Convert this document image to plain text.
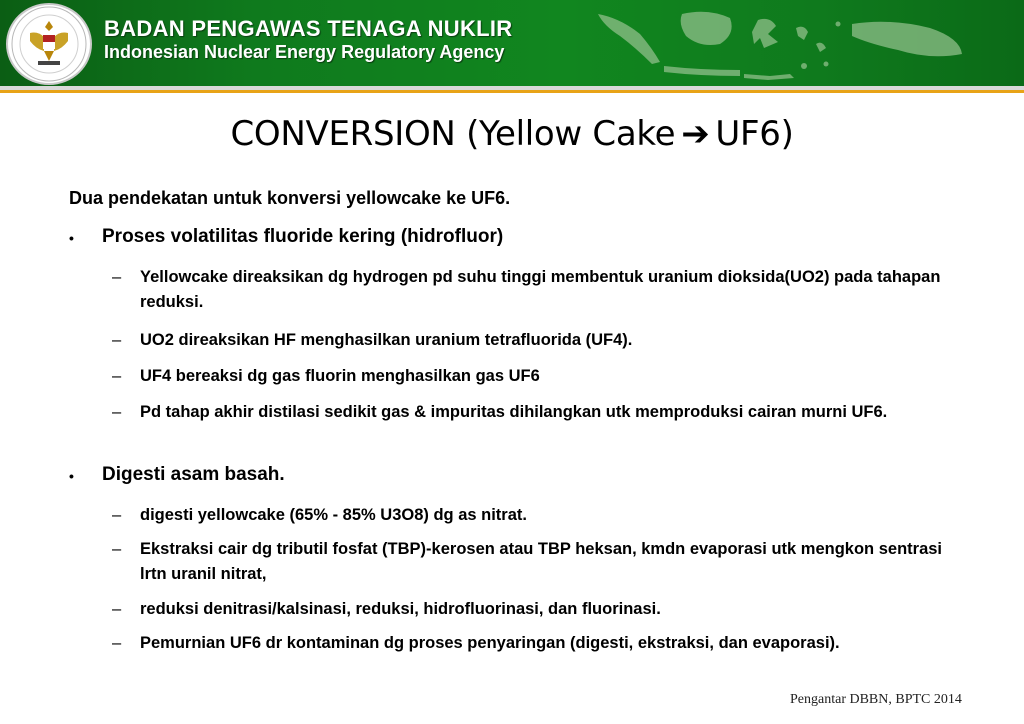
BADAN PENGAWAS TENAGA NUKLIR
Indonesian Nuclear Energy Regulatory Agency
CONVERSION (Yellow Cake ➔ UF6)
Dua pendekatan untuk konversi yellowcake ke UF6.
• Proses volatilitas fluoride kering (hidrofluor)
– Yellowcake direaksikan dg hydrogen pd suhu tinggi membentuk uranium dioksida(UO2) pada tahapan reduksi.
– UO2 direaksikan HF menghasilkan uranium tetrafluorida (UF4).
– UF4 bereaksi dg gas fluorin menghasilkan gas UF6
– Pd tahap akhir distilasi sedikit gas & impuritas dihilangkan utk memproduksi cairan murni UF6.
• Digesti asam basah.
– digesti yellowcake (65% - 85% U3O8) dg as nitrat.
– Ekstraksi cair dg tributil fosfat (TBP)-kerosen atau TBP heksan, kmdn evaporasi utk mengkon sentrasi lrtn uranil nitrat,
– reduksi denitrasi/kalsinasi, reduksi, hidrofluorinasi, dan fluorinasi.
– Pemurnian UF6 dr kontaminan dg proses penyaringan (digesti, ekstraksi, dan evaporasi).
Pengantar DBBN, BPTC 2014
